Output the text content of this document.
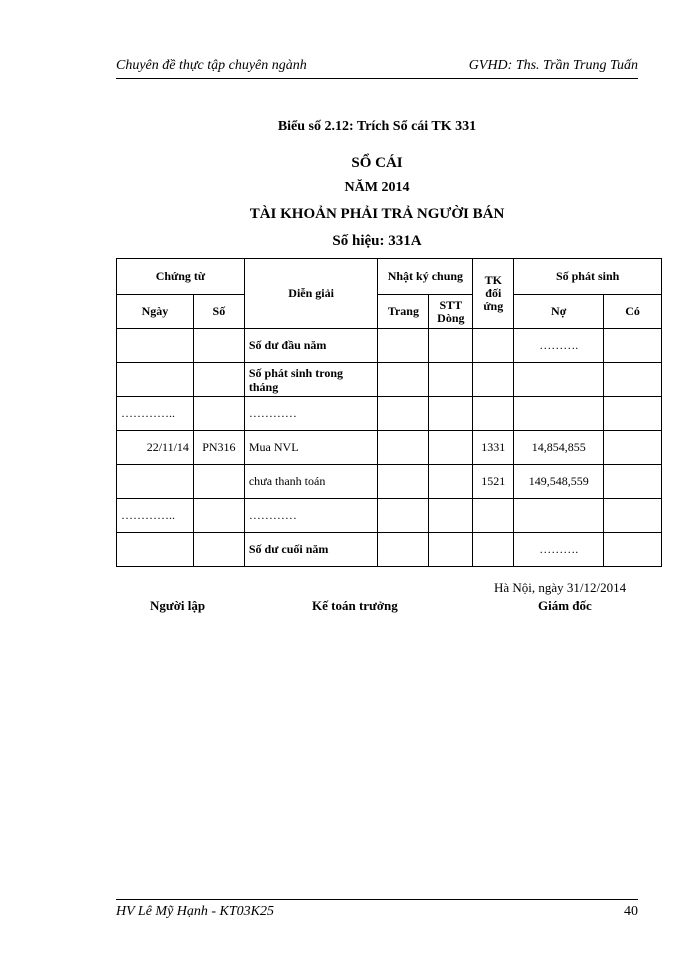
Chuyên đề thực tập chuyên ngành	GVHD: Ths. Trần Trung Tuấn
Biểu số 2.12: Trích Sổ cái TK 331
SỔ CÁI
NĂM 2014
TÀI KHOẢN PHẢI TRẢ NGƯỜI BÁN
Số hiệu: 331A
Chứng từ		Diễn giải	Nhật ký chung		TK đối ứng	Số phát sinh	
Ngày	Số		Trang	STT Dòng		Nợ	Có
		Số dư đầu năm				……….	
		Số phát sinh trong tháng					
…………..		…………					
22/11/14	PN316	Mua NVL			1331	14,854,855	
		chưa thanh toán			1521	149,548,559	
…………..		…………					
		Số dư cuối năm				……….	
Hà Nội, ngày 31/12/2014
Người lập	Kế toán trưởng	Giám đốc
HV Lê Mỹ Hạnh - KT03K25	40
